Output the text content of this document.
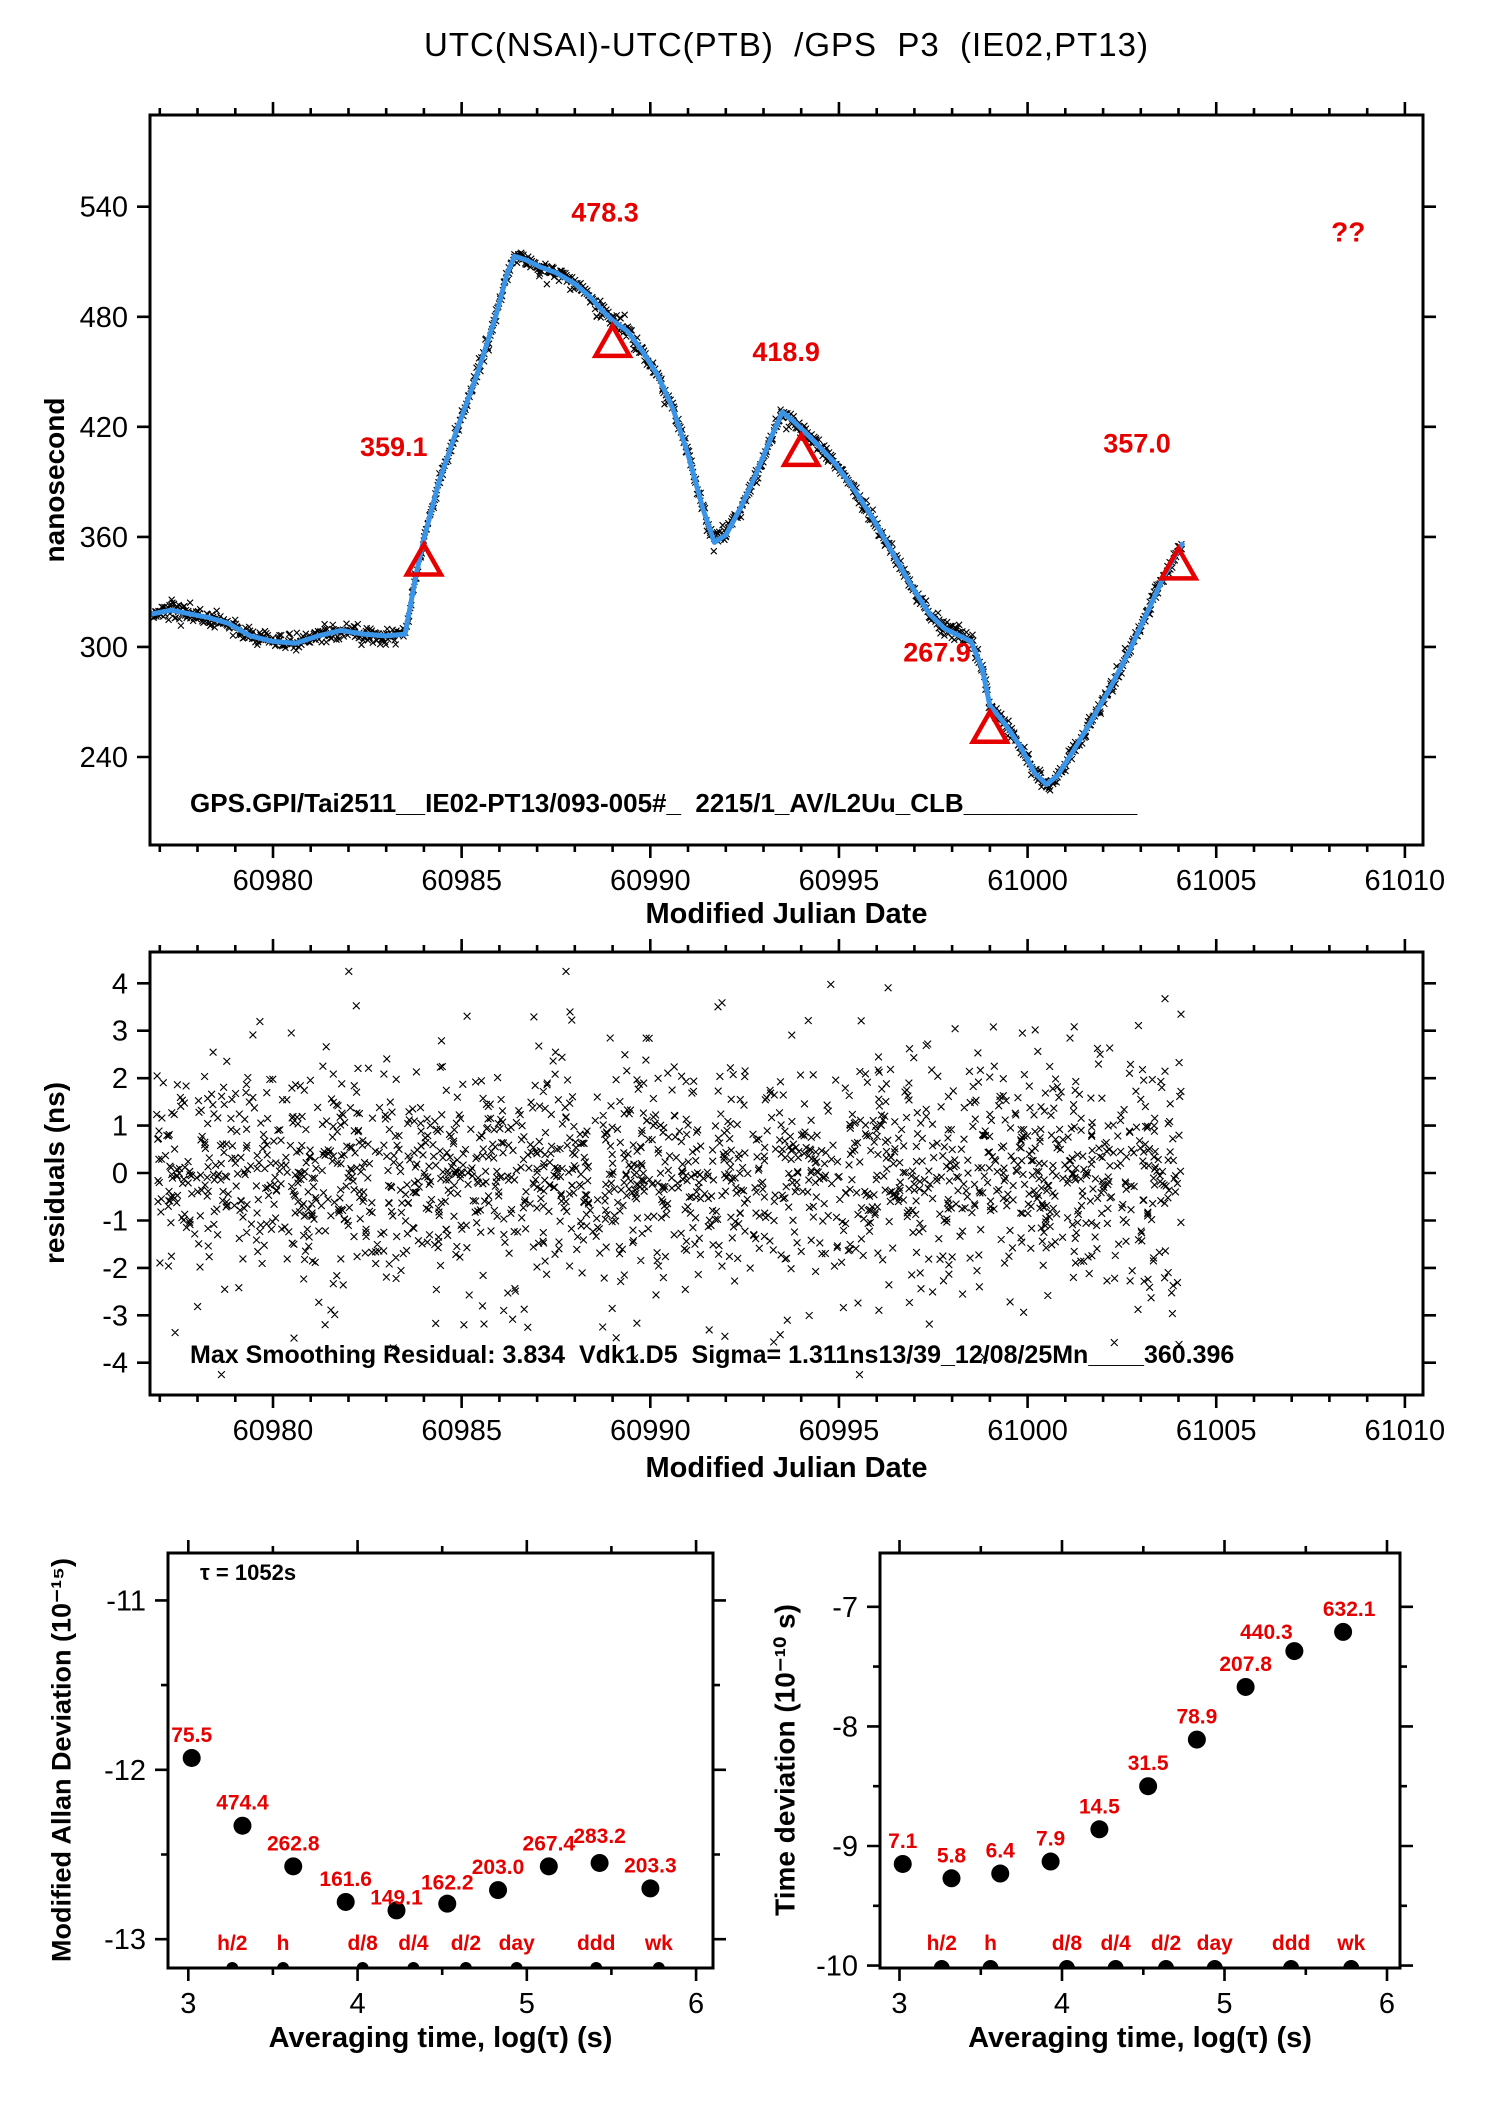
60980	60985	60990	60995	61000	61005	61010
240
300
360
420
480
540
359.1
478.3
418.9
267.9
357.0
??
60980	60985	60990	60995	61000	61005	61010
-4
-3
-2
-1
0
1
2
3
4
3	4	5	6
-11
-12
-13
75.5
474.4
262.8
161.6
149.1
162.2
203.0
267.4
283.2
203.3
h/2 h	d/8 d/4 d/2 day ddd wk
3	4	5	6
-7
-8
-9
-10
7.1
5.8 6.4
7.9
14.5
31.5
78.9
207.8
440.3
632.1
h/2 h	d/8 d/4 d/2 day ddd wk
UTC(NSAI)-UTC(PTB)  /GPS  P3  (IE02,PT13)
nanosecond
GPS.GPI/Tai2511__IE02-PT13/093-005#_  2215/1_AV/L2Uu_CLB____________
Modified Julian Date
residuals (ns)
Max Smoothing Residual: 3.834  Vdk1.D5  Sigma= 1.311ns13/39_12/08/25Mn____360.396
Modified Julian Date
Modified Allan Deviation (10⁻¹⁵)	τ = 1052s
Averaging time, log(τ) (s)
Time deviation (10⁻¹⁰ s)
Averaging time, log(τ) (s)
